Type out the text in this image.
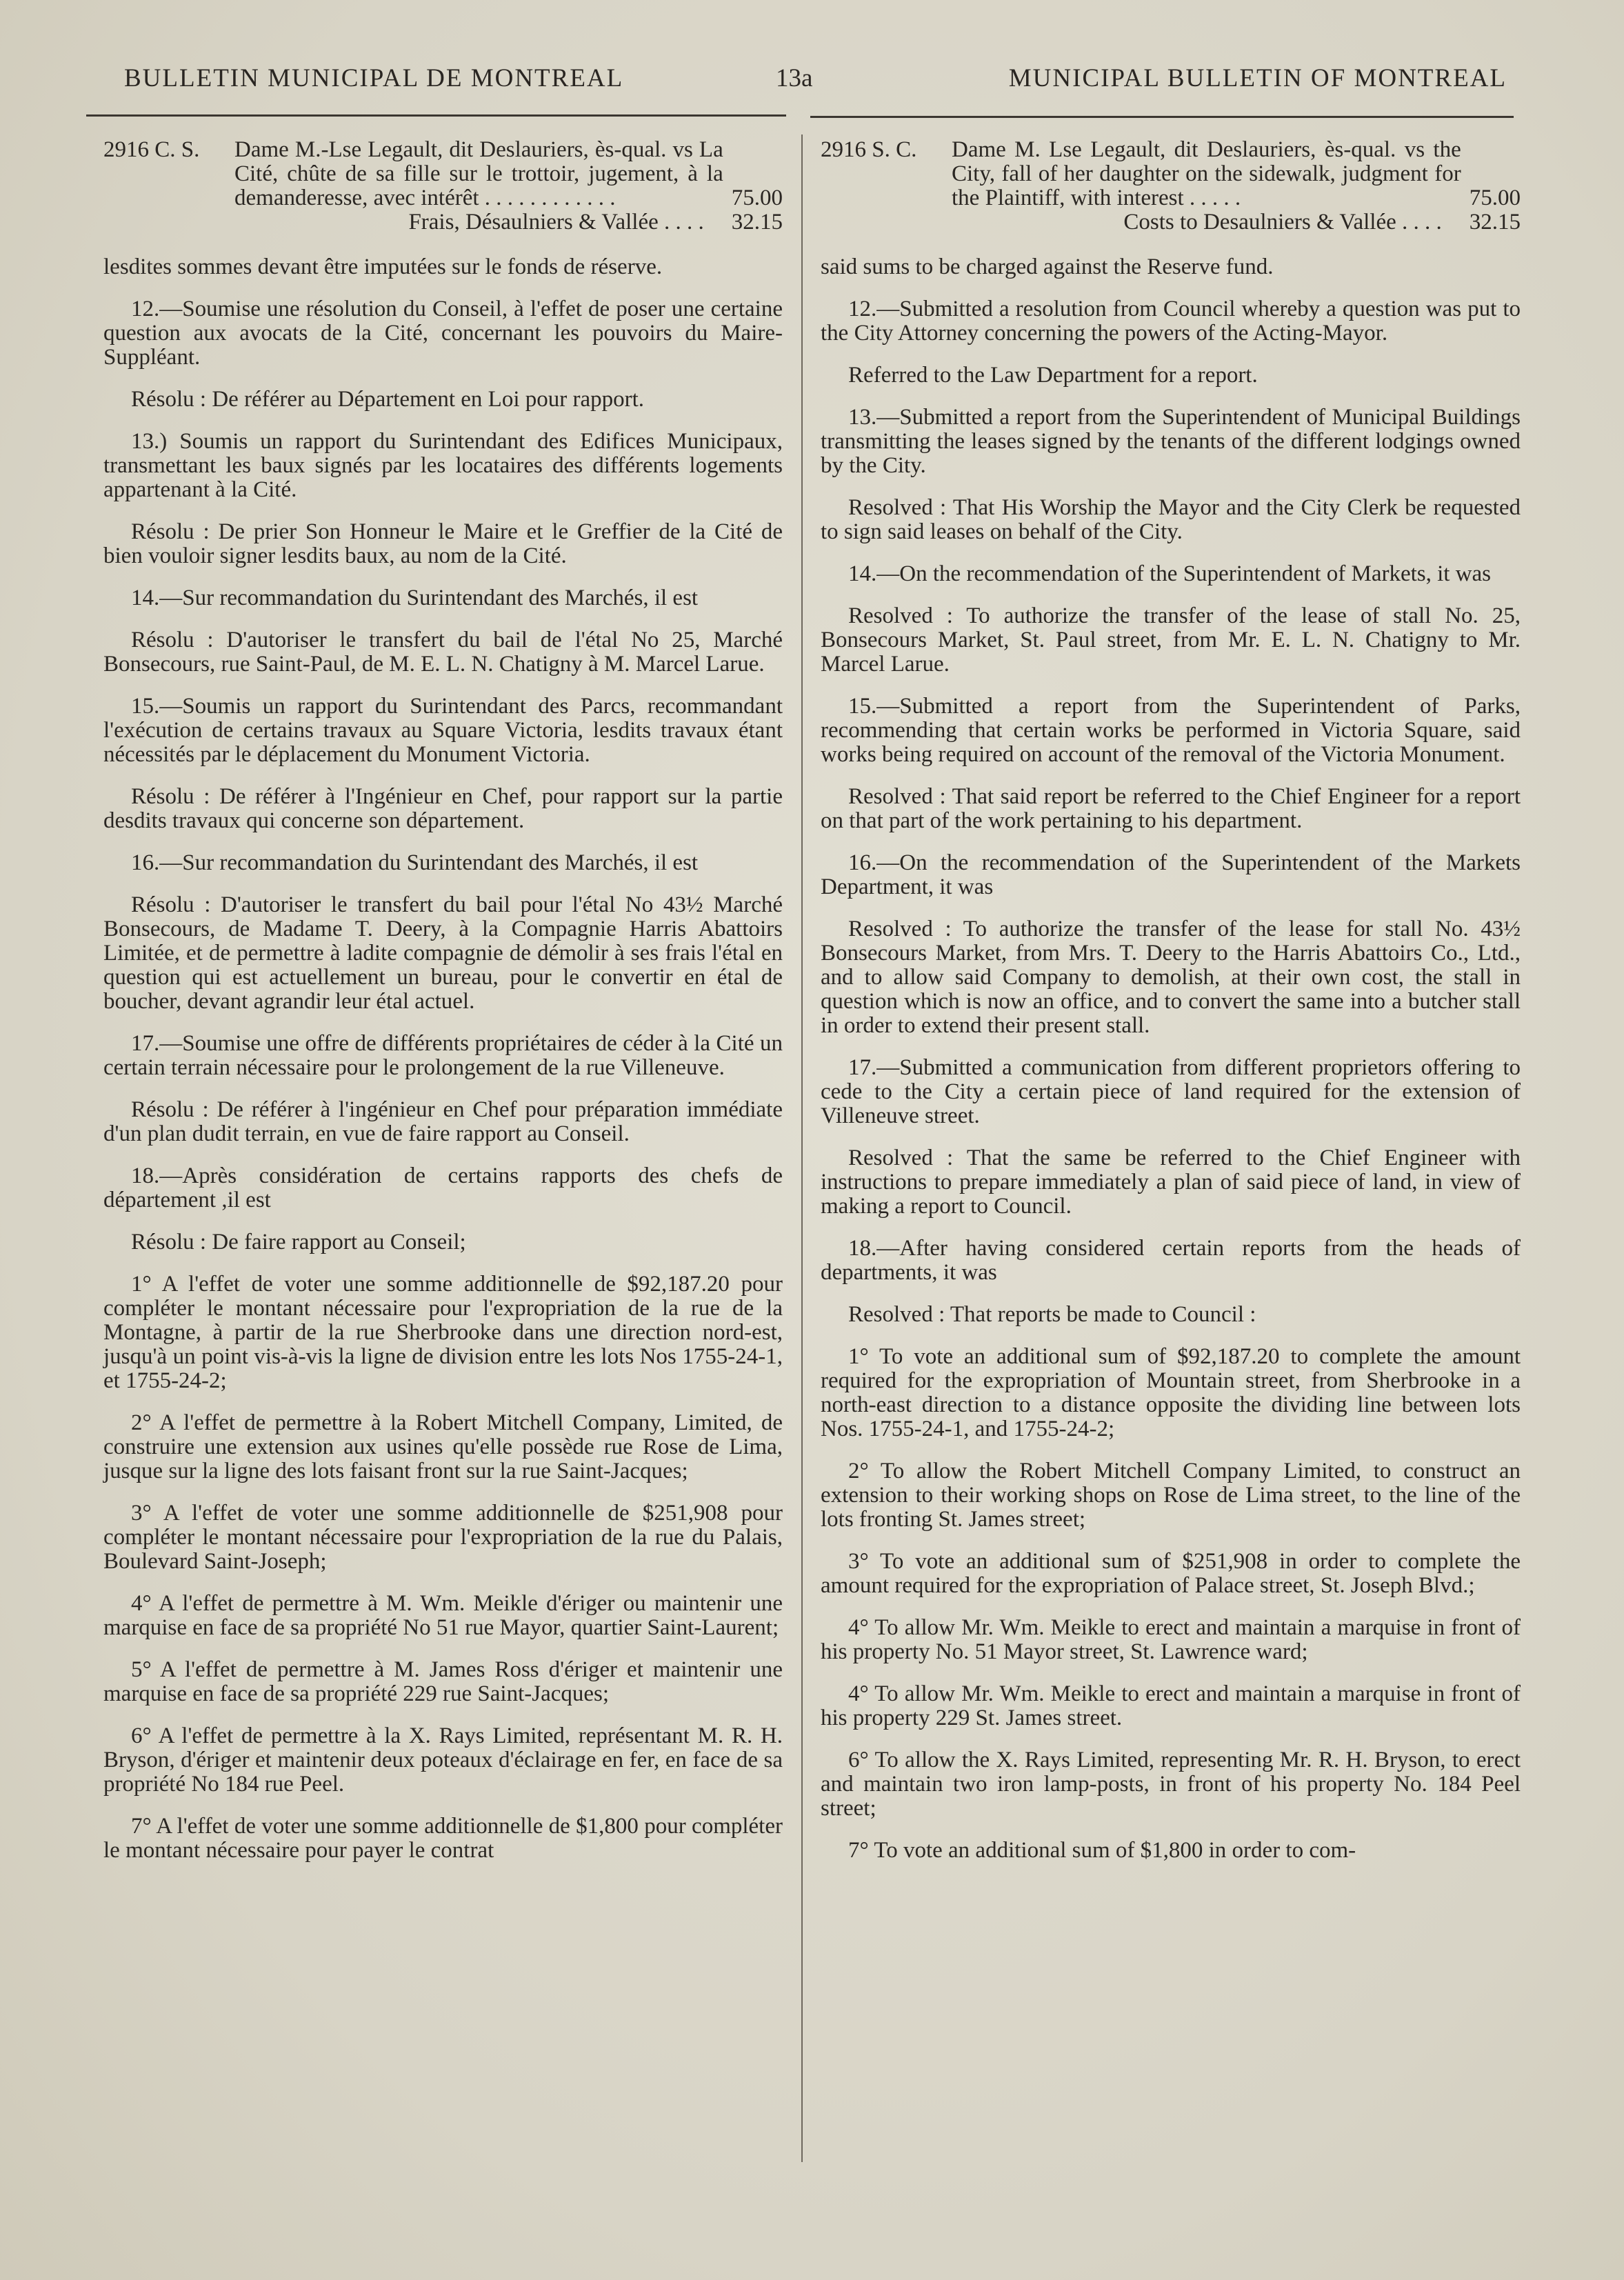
BULLETIN MUNICIPAL DE MONTREAL	13a	MUNICIPAL BULLETIN OF MONTREAL
2916 C. S.	Dame M.-Lse Legault, dit Deslauriers, ès-qual. vs La Cité, chûte de sa fille sur le trottoir, jugement, à la demanderesse, avec intérêt . . . . . . . . . . . .	75.00
Frais, Désaulniers & Vallée . . . . 32.15

lesdites sommes devant être imputées sur le fonds de réserve.

12.—Soumise une résolution du Conseil, à l'effet de poser une certaine question aux avocats de la Cité, concernant les pouvoirs du Maire-Suppléant.

Résolu : De référer au Département en Loi pour rapport.

13.) Soumis un rapport du Surintendant des Edifices Municipaux, transmettant les baux signés par les locataires des différents logements appartenant à la Cité.

Résolu : De prier Son Honneur le Maire et le Greffier de la Cité de bien vouloir signer lesdits baux, au nom de la Cité.

14.—Sur recommandation du Surintendant des Marchés, il est

Résolu : D'autoriser le transfert du bail de l'étal No 25, Marché Bonsecours, rue Saint-Paul, de M. E. L. N. Chatigny à M. Marcel Larue.

15.—Soumis un rapport du Surintendant des Parcs, recommandant l'exécution de certains travaux au Square Victoria, lesdits travaux étant nécessités par le déplacement du Monument Victoria.

Résolu : De référer à l'Ingénieur en Chef, pour rapport sur la partie desdits travaux qui concerne son département.

16.—Sur recommandation du Surintendant des Marchés, il est

Résolu : D'autoriser le transfert du bail pour l'étal No 43½ Marché Bonsecours, de Madame T. Deery, à la Compagnie Harris Abattoirs Limitée, et de permettre à ladite compagnie de démolir à ses frais l'étal en question qui est actuellement un bureau, pour le convertir en étal de boucher, devant agrandir leur étal actuel.

17.—Soumise une offre de différents propriétaires de céder à la Cité un certain terrain nécessaire pour le prolongement de la rue Villeneuve.

Résolu : De référer à l'ingénieur en Chef pour préparation immédiate d'un plan dudit terrain, en vue de faire rapport au Conseil.

18.—Après considération de certains rapports des chefs de département ,il est

Résolu : De faire rapport au Conseil;

1° A l'effet de voter une somme additionnelle de $92,187.20 pour compléter le montant nécessaire pour l'expropriation de la rue de la Montagne, à partir de la rue Sherbrooke dans une direction nord-est, jusqu'à un point vis-à-vis la ligne de division entre les lots Nos 1755-24-1, et 1755-24-2;

2° A l'effet de permettre à la Robert Mitchell Company, Limited, de construire une extension aux usines qu'elle possède rue Rose de Lima, jusque sur la ligne des lots faisant front sur la rue Saint-Jacques;

3° A l'effet de voter une somme additionnelle de $251,908 pour compléter le montant nécessaire pour l'expropriation de la rue du Palais, Boulevard Saint-Joseph;

4° A l'effet de permettre à M. Wm. Meikle d'ériger ou maintenir une marquise en face de sa propriété No 51 rue Mayor, quartier Saint-Laurent;

5° A l'effet de permettre à M. James Ross d'ériger et maintenir une marquise en face de sa propriété 229 rue Saint-Jacques;

6° A l'effet de permettre à la X. Rays Limited, représentant M. R. H. Bryson, d'ériger et maintenir deux poteaux d'éclairage en fer, en face de sa propriété No 184 rue Peel.

7° A l'effet de voter une somme additionnelle de $1,800 pour compléter le montant nécessaire pour payer le contrat

2916 S. C.	Dame M. Lse Legault, dit Deslauriers, ès-qual. vs the City, fall of her daughter on the sidewalk, judgment for the Plaintiff, with interest . . . . .	75.00
Costs to Desaulniers & Vallée . . . . 32.15

said sums to be charged against the Reserve fund.

12.—Submitted a resolution from Council whereby a question was put to the City Attorney concerning the powers of the Acting-Mayor.

Referred to the Law Department for a report.

13.—Submitted a report from the Superintendent of Municipal Buildings transmitting the leases signed by the tenants of the different lodgings owned by the City.

Resolved : That His Worship the Mayor and the City Clerk be requested to sign said leases on behalf of the City.

14.—On the recommendation of the Superintendent of Markets, it was

Resolved : To authorize the transfer of the lease of stall No. 25, Bonsecours Market, St. Paul street, from Mr. E. L. N. Chatigny to Mr. Marcel Larue.

15.—Submitted a report from the Superintendent of Parks, recommending that certain works be performed in Victoria Square, said works being required on account of the removal of the Victoria Monument.

Resolved : That said report be referred to the Chief Engineer for a report on that part of the work pertaining to his department.

16.—On the recommendation of the Superintendent of the Markets Department, it was

Resolved : To authorize the transfer of the lease for stall No. 43½ Bonsecours Market, from Mrs. T. Deery to the Harris Abattoirs Co., Ltd., and to allow said Company to demolish, at their own cost, the stall in question which is now an office, and to convert the same into a butcher stall in order to extend their present stall.

17.—Submitted a communication from different proprietors offering to cede to the City a certain piece of land required for the extension of Villeneuve street.

Resolved : That the same be referred to the Chief Engineer with instructions to prepare immediately a plan of said piece of land, in view of making a report to Council.

18.—After having considered certain reports from the heads of departments, it was

Resolved : That reports be made to Council :

1° To vote an additional sum of $92,187.20 to complete the amount required for the expropriation of Mountain street, from Sherbrooke in a north-east direction to a distance opposite the dividing line between lots Nos. 1755-24-1, and 1755-24-2;

2° To allow the Robert Mitchell Company Limited, to construct an extension to their working shops on Rose de Lima street, to the line of the lots fronting St. James street;

3° To vote an additional sum of $251,908 in order to complete the amount required for the expropriation of Palace street, St. Joseph Blvd.;

4° To allow Mr. Wm. Meikle to erect and maintain a marquise in front of his property No. 51 Mayor street, St. Lawrence ward;

4° To allow Mr. Wm. Meikle to erect and maintain a marquise in front of his property 229 St. James street.

6° To allow the X. Rays Limited, representing Mr. R. H. Bryson, to erect and maintain two iron lamp-posts, in front of his property No. 184 Peel street;

7° To vote an additional sum of $1,800 in order to com-
